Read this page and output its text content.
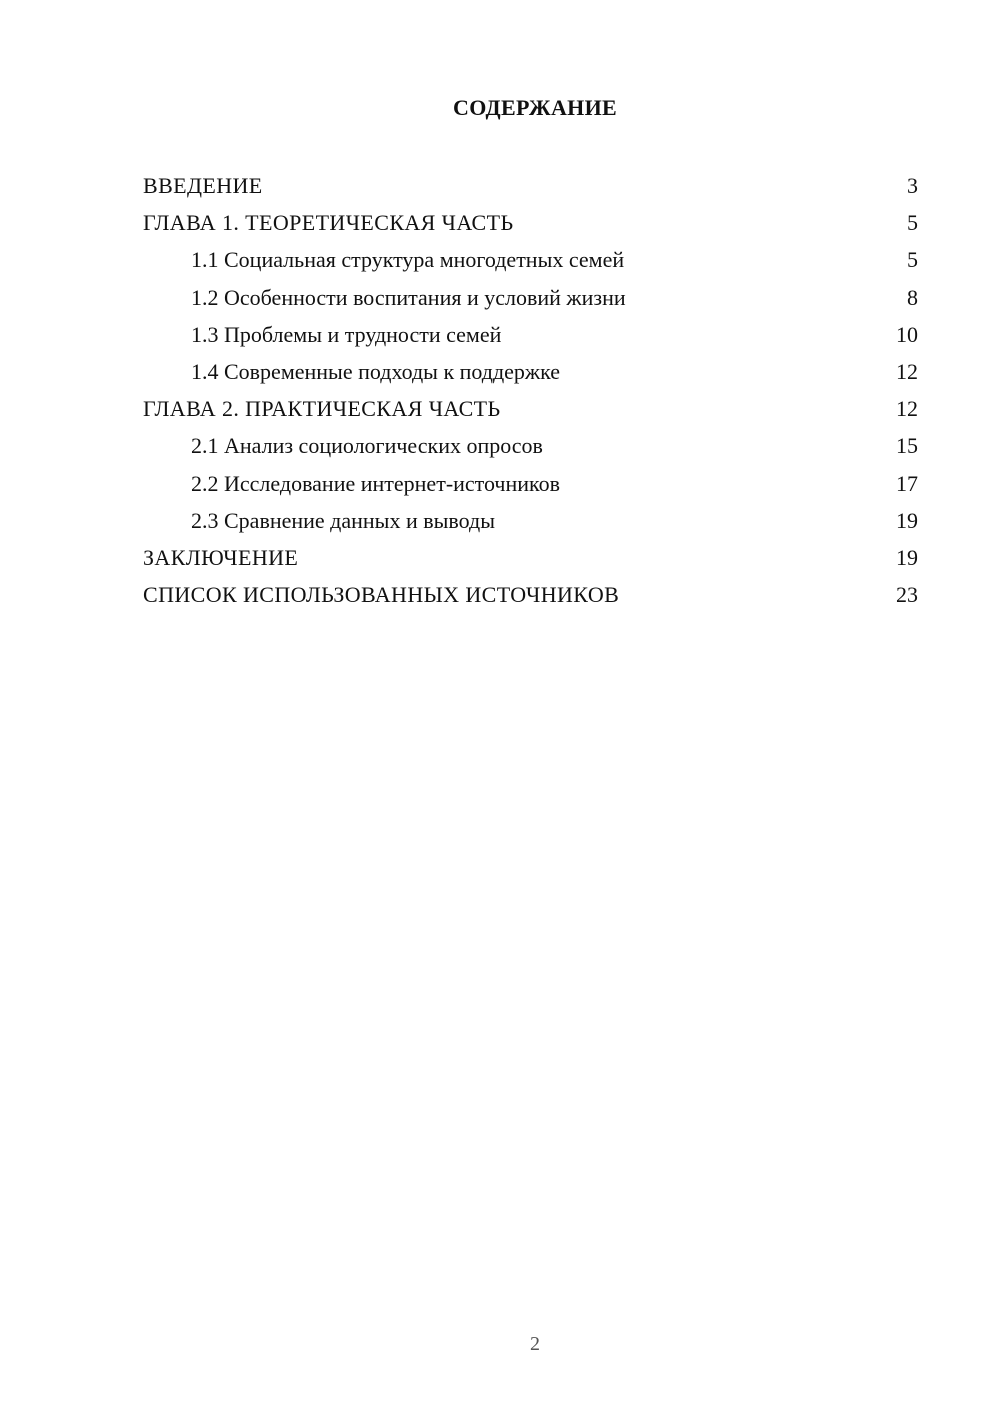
СОДЕРЖАНИЕ
ВВЕДЕНИЕ	3
ГЛАВА 1. ТЕОРЕТИЧЕСКАЯ ЧАСТЬ	5
1.1 Социальная структура многодетных семей	5
1.2 Особенности воспитания и условий жизни	8
1.3 Проблемы и трудности семей	10
1.4 Современные подходы к поддержке	12
ГЛАВА 2. ПРАКТИЧЕСКАЯ ЧАСТЬ	12
2.1 Анализ социологических опросов	15
2.2 Исследование интернет-источников	17
2.3 Сравнение данных и выводы	19
ЗАКЛЮЧЕНИЕ	19
СПИСОК ИСПОЛЬЗОВАННЫХ ИСТОЧНИКОВ	23
2
